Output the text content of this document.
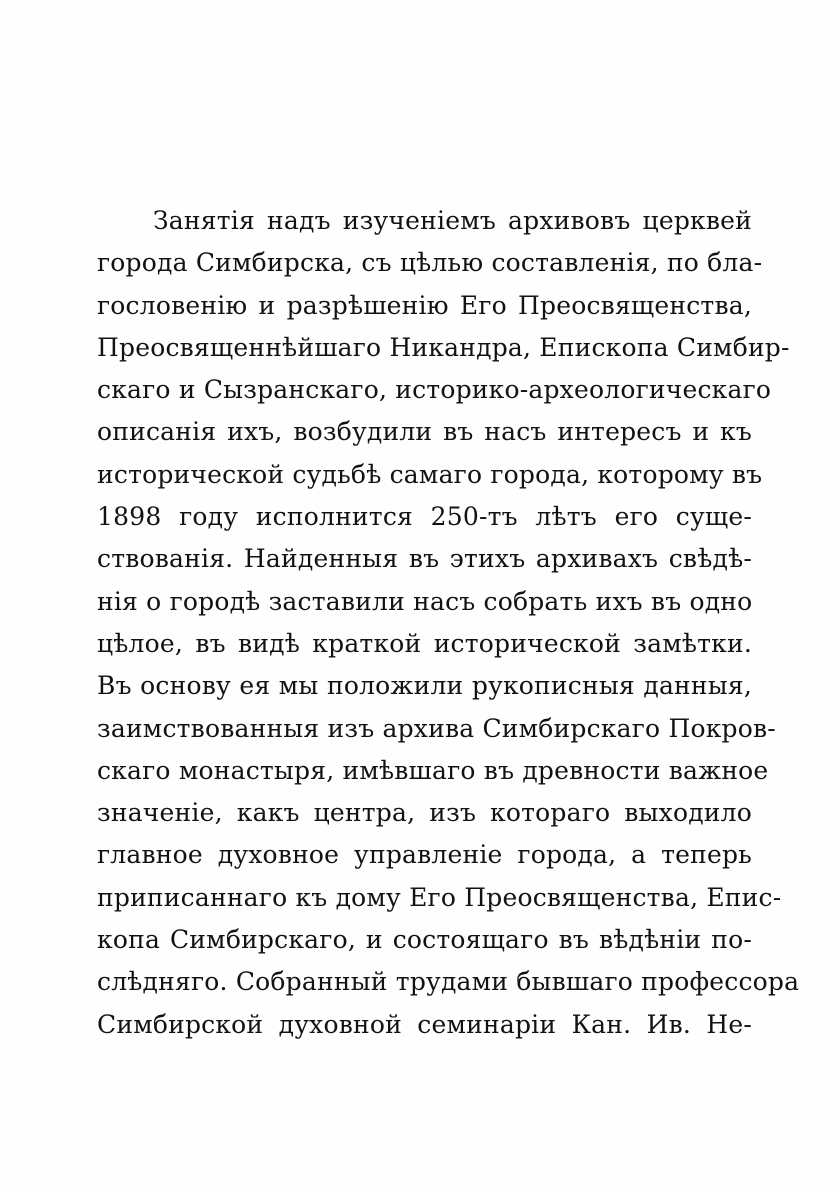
Занятія надъ изученіемъ архивовъ церквей
города Симбирска, съ цѣлью составленія, по бла-
гословенію и разрѣшенію Его Преосвященства,
Преосвященнѣйшаго Никандра, Епископа Симбир-
скаго и Сызранскаго, историко-археологическаго
описанія ихъ, возбудили въ насъ интересъ и къ
исторической судьбѣ самаго города, которому въ
1898 году исполнится 250-тъ лѣтъ его суще-
ствованія. Найденныя въ этихъ архивахъ свѣдѣ-
нія о городѣ заставили насъ собрать ихъ въ одно
цѣлое, въ видѣ краткой исторической замѣтки.
Въ основу ея мы положили рукописныя данныя,
заимствованныя изъ архива Симбирскаго Покров-
скаго монастыря, имѣвшаго въ древности важное
значеніе, какъ центра, изъ котораго выходило
главное духовное управленіе города, а теперь
приписаннаго къ дому Его Преосвященства, Епис-
копа Симбирскаго, и состоящаго въ вѣдѣніи по-
слѣдняго. Собранный трудами бывшаго профессора
Симбирской духовной семинаріи Кан. Ив. Не-
